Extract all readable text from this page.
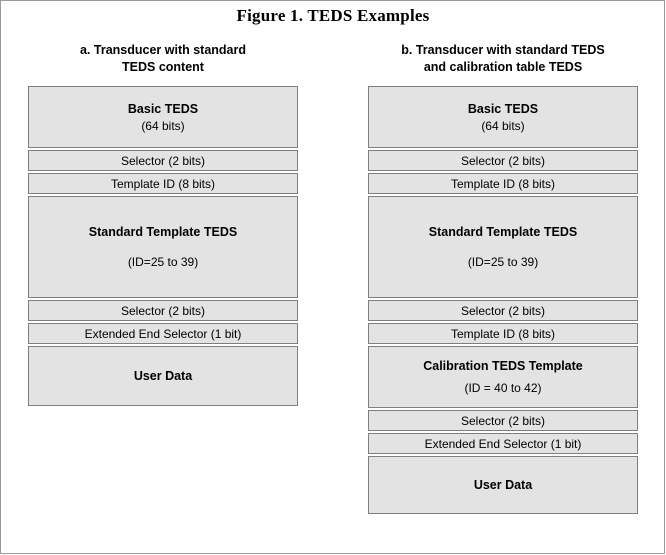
Figure 1. TEDS Examples
a. Transducer with standard
TEDS content
Basic TEDS
(64 bits)
Selector (2 bits)
Template ID (8 bits)
Standard Template TEDS
(ID=25 to 39)
Selector (2 bits)
Extended End Selector (1 bit)
User Data
b. Transducer with standard TEDS
and calibration table TEDS
Basic TEDS
(64 bits)
Selector (2 bits)
Template ID (8 bits)
Standard Template TEDS
(ID=25 to 39)
Selector (2 bits)
Template ID (8 bits)
Calibration TEDS Template
(ID = 40 to 42)
Selector (2 bits)
Extended End Selector (1 bit)
User Data
